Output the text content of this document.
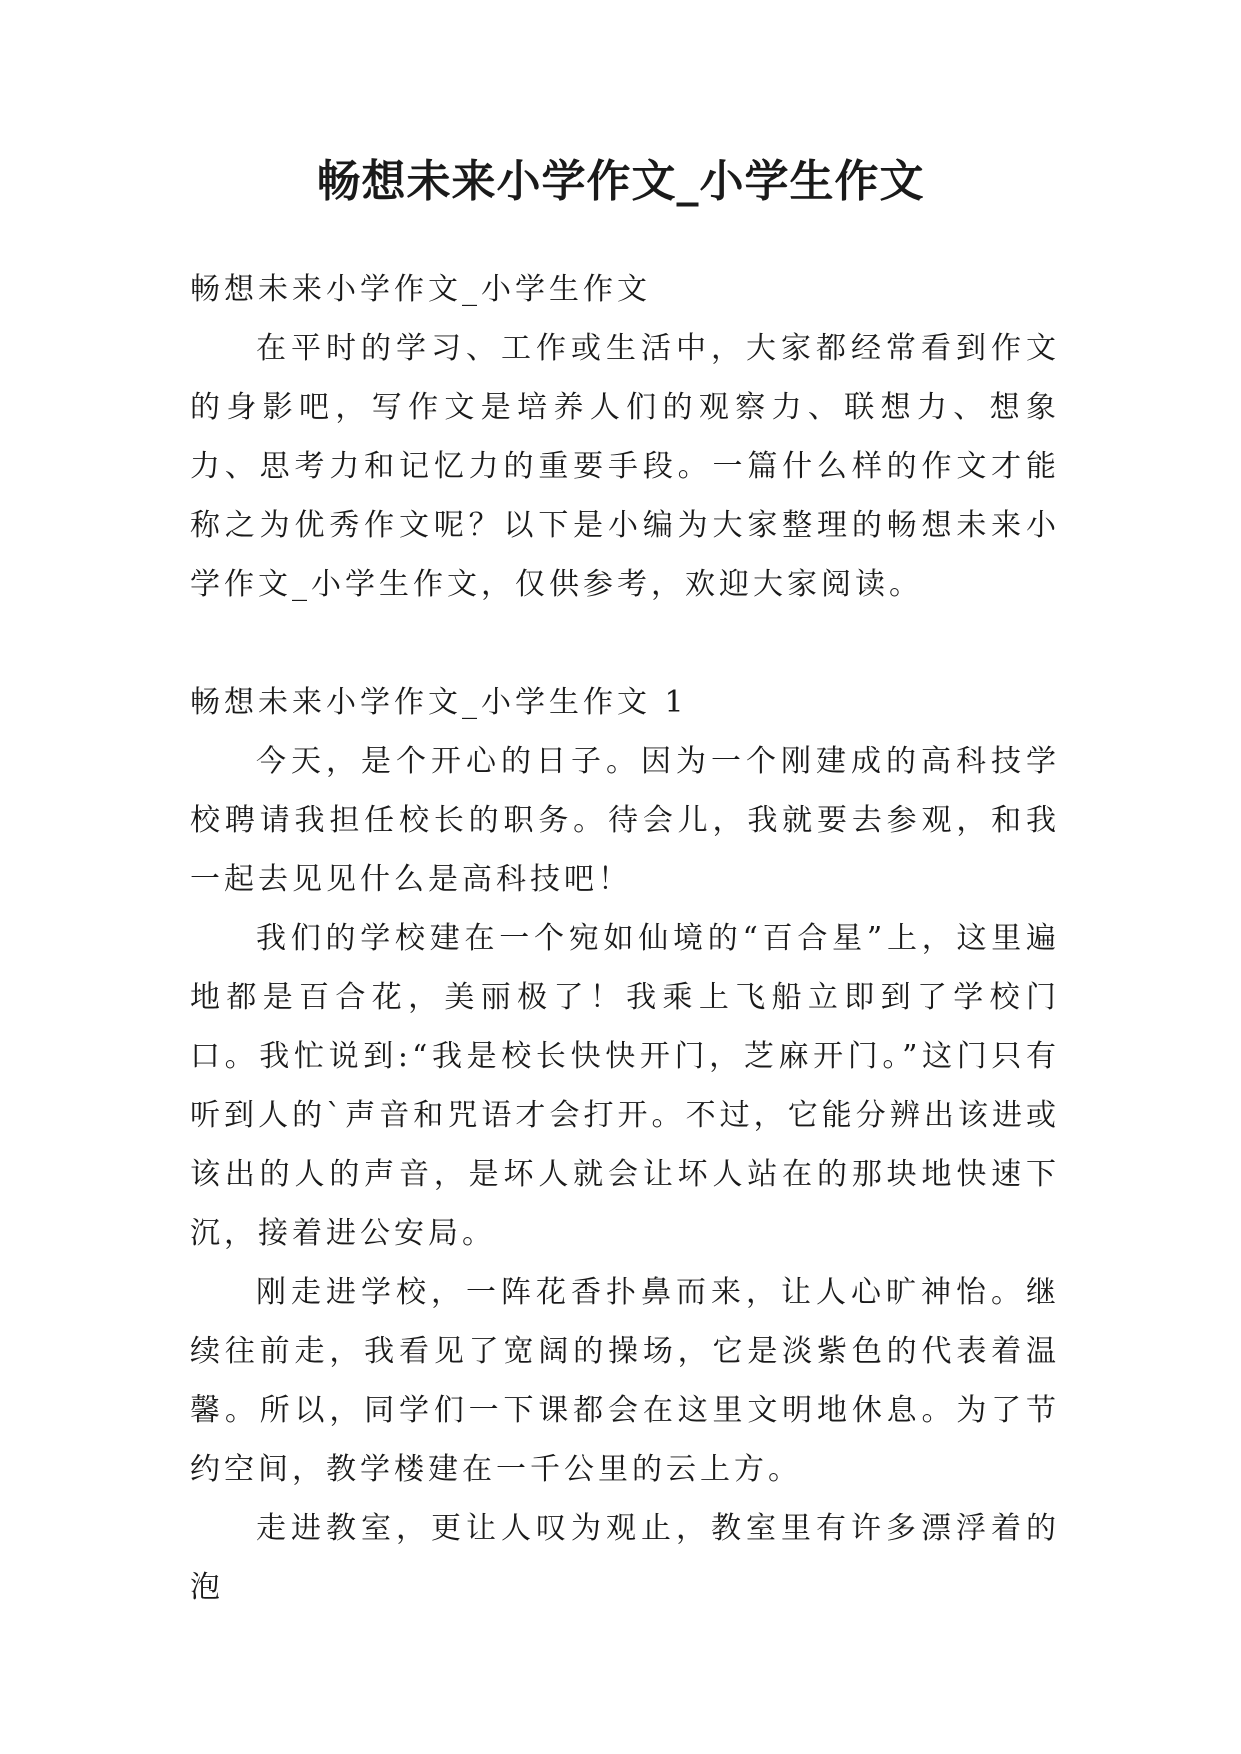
畅想未来小学作文_小学生作文

畅想未来小学作文_小学生作文

在平时的学习、工作或生活中，大家都经常看到作文的身影吧，写作文是培养人们的观察力、联想力、想象力、思考力和记忆力的重要手段。一篇什么样的作文才能称之为优秀作文呢？以下是小编为大家整理的畅想未来小学作文_小学生作文，仅供参考，欢迎大家阅读。

畅想未来小学作文_小学生作文 1

今天，是个开心的日子。因为一个刚建成的高科技学校聘请我担任校长的职务。待会儿，我就要去参观，和我一起去见见什么是高科技吧！

我们的学校建在一个宛如仙境的“百合星”上，这里遍地都是百合花，美丽极了！我乘上飞船立即到了学校门口。我忙说到:“我是校长快快开门，芝麻开门。”这门只有听到人的`声音和咒语才会打开。不过，它能分辨出该进或该出的人的声音，是坏人就会让坏人站在的那块地快速下沉，接着进公安局。

刚走进学校，一阵花香扑鼻而来，让人心旷神怡。继续往前走，我看见了宽阔的操场，它是淡紫色的代表着温馨。所以，同学们一下课都会在这里文明地休息。为了节约空间，教学楼建在一千公里的云上方。

走进教室，更让人叹为观止，教室里有许多漂浮着的泡
